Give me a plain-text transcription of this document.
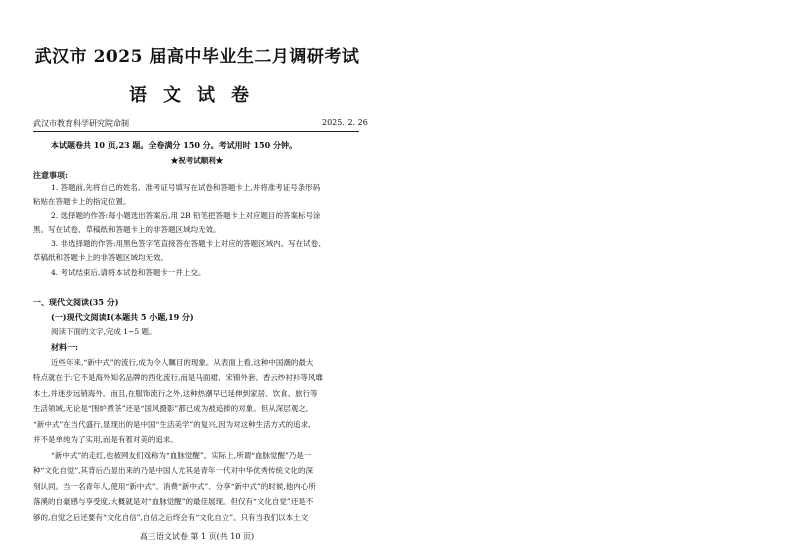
武汉市 2025 届高中毕业生二月调研考试
语文试卷
武汉市教育科学研究院命制	2025. 2. 26
本试题卷共 10 页,23 题。全卷满分 150 分。考试用时 150 分钟。
★祝考试顺利★
注意事项:
1. 答题前,先将自己的姓名、准考证号填写在试卷和答题卡上,并将准考证号条形码
粘贴在答题卡上的指定位置。
2. 选择题的作答:每小题选出答案后,用 2B 铅笔把答题卡上对应题目的答案标号涂
黑。写在试卷、草稿纸和答题卡上的非答题区域均无效。
3. 非选择题的作答:用黑色签字笔直接答在答题卡上对应的答题区域内。写在试卷、
草稿纸和答题卡上的非答题区域均无效。
4. 考试结束后,请将本试卷和答题卡一并上交。
一、现代文阅读(35 分)
(一)现代文阅读Ⅰ(本题共 5 小题,19 分)
阅读下面的文字,完成 1~5 题。
材料一:
近些年来,“新中式”的流行,成为令人瞩目的现象。从表面上看,这种中国潮的最大
特点就在于:它不是海外知名品牌的西化流行,而是马面裙、宋锦外套、香云纱衬衫等风靡
本土,并迷步远销海外。而且,在服饰流行之外,这种热潮早已延伸到家居、饮食、旅行等
生活领域,无论是“围炉煮茶”还是“国风摄影”都已成为被追捧的对象。但从深层观之,
“新中式”在当代盛行,显现出的是中国“生活美学”的复兴,因为对这种生活方式的追求,
并不是单纯为了实用,而是有着对美的追求。
“新中式”的走红,也被网友们戏称为“血脉觉醒”。实际上,所谓“血脉觉醒”乃是一
种“文化自觉”,其背后凸显出来的乃是中国人尤其是青年一代对中华优秀传统文化的深
刻认同。当一名青年人,使用“新中式”、消费“新中式”、分享“新中式”的时候,他内心所
落溪的自豪感与享受度,大概就是对“血脉觉醒”的最佳展现。但仅有“文化自觉”还是不
够的,自觉之后还要有“文化自信”,自信之后终会有“文化自立”。只有当我们以本土文
高三语文试卷 第 1 页(共 10 页)
